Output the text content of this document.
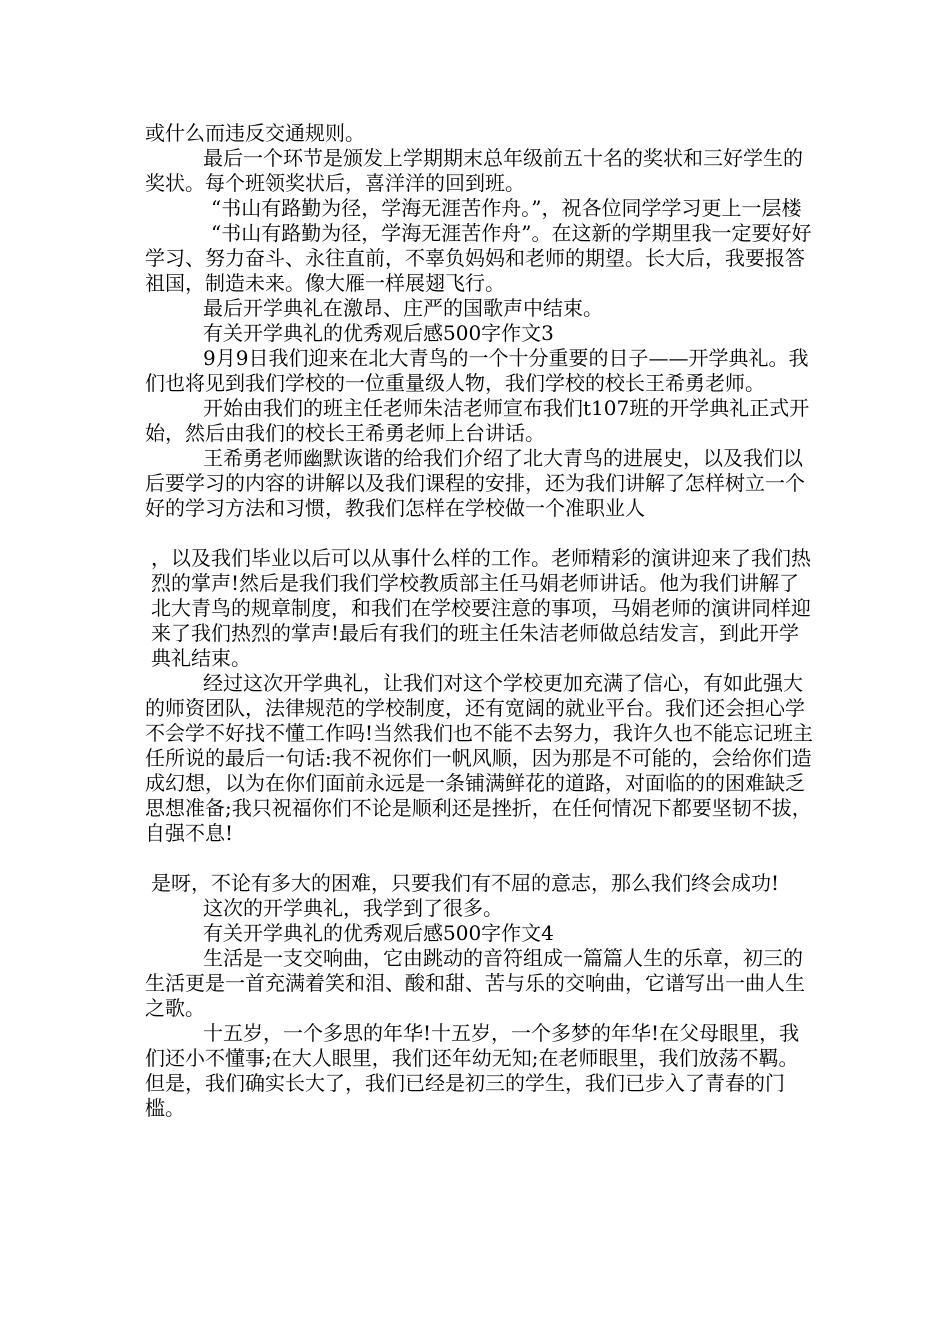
或什么而违反交通规则。

最后一个环节是颁发上学期期末总年级前五十名的奖状和三好学生的奖状。每个班领奖状后，喜洋洋的回到班。

“书山有路勤为径，学海无涯苦作舟。”，祝各位同学学习更上一层楼

“书山有路勤为径，学海无涯苦作舟”。在这新的学期里我一定要好好学习、努力奋斗、永往直前，不辜负妈妈和老师的期望。长大后，我要报答祖国，制造未来。像大雁一样展翅飞行。

最后开学典礼在激昂、庄严的国歌声中结束。

有关开学典礼的优秀观后感500字作文3

9月9日我们迎来在北大青鸟的一个十分重要的日子——开学典礼。我们也将见到我们学校的一位重量级人物，我们学校的校长王希勇老师。

开始由我们的班主任老师朱洁老师宣布我们t107班的开学典礼正式开始，然后由我们的校长王希勇老师上台讲话。

王希勇老师幽默诙谐的给我们介绍了北大青鸟的进展史，以及我们以后要学习的内容的讲解以及我们课程的安排，还为我们讲解了怎样树立一个好的学习方法和习惯，教我们怎样在学校做一个准职业人

，以及我们毕业以后可以从事什么样的工作。老师精彩的演讲迎来了我们热烈的掌声!然后是我们我们学校教质部主任马娟老师讲话。他为我们讲解了北大青鸟的规章制度，和我们在学校要注意的事项，马娟老师的演讲同样迎来了我们热烈的掌声!最后有我们的班主任朱洁老师做总结发言，到此开学典礼结束。

经过这次开学典礼，让我们对这个学校更加充满了信心，有如此强大的师资团队，法律规范的学校制度，还有宽阔的就业平台。我们还会担心学不会学不好找不懂工作吗!当然我们也不能不去努力，我许久也不能忘记班主任所说的最后一句话:我不祝你们一帆风顺，因为那是不可能的，会给你们造成幻想，以为在你们面前永远是一条铺满鲜花的道路，对面临的的困难缺乏思想准备;我只祝福你们不论是顺利还是挫折，在任何情况下都要坚韧不拔，自强不息!

是呀，不论有多大的困难，只要我们有不屈的意志，那么我们终会成功!

这次的开学典礼，我学到了很多。

有关开学典礼的优秀观后感500字作文4

生活是一支交响曲，它由跳动的音符组成一篇篇人生的乐章，初三的生活更是一首充满着笑和泪、酸和甜、苦与乐的交响曲，它谱写出一曲人生之歌。

十五岁，一个多思的年华!十五岁，一个多梦的年华!在父母眼里，我们还小不懂事;在大人眼里，我们还年幼无知;在老师眼里，我们放荡不羁。但是，我们确实长大了，我们已经是初三的学生，我们已步入了青春的门槛。
